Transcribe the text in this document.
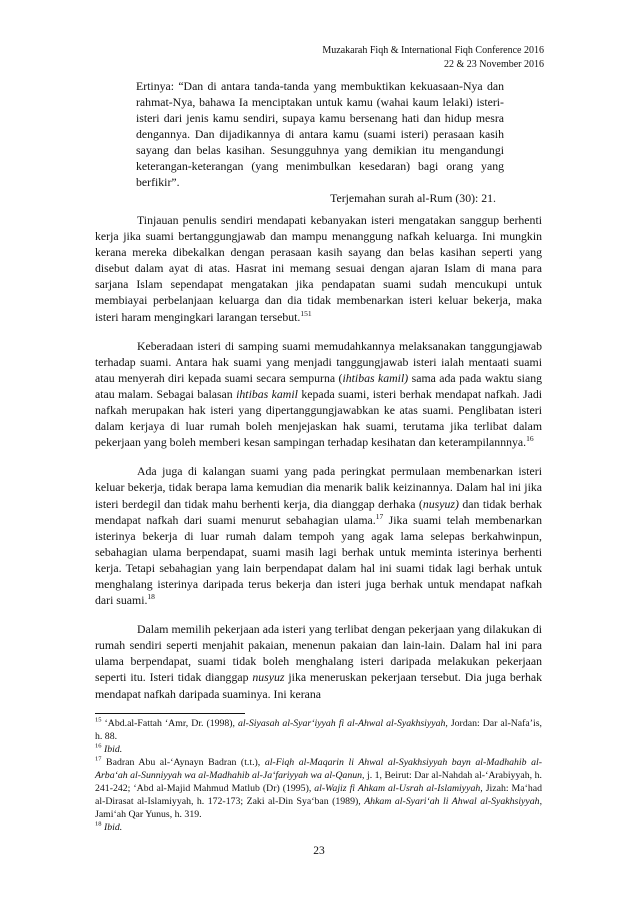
Muzakarah Fiqh & International Fiqh Conference 2016
22 & 23 November 2016
Ertinya: “Dan di antara tanda-tanda yang membuktikan kekuasaan-Nya dan rahmat-Nya, bahawa Ia menciptakan untuk kamu (wahai kaum lelaki) isteri-isteri dari jenis kamu sendiri, supaya kamu bersenang hati dan hidup mesra dengannya. Dan dijadikannya di antara kamu (suami isteri) perasaan kasih sayang dan belas kasihan. Sesungguhnya yang demikian itu mengandungi keterangan-keterangan (yang menimbulkan kesedaran) bagi orang yang berfikir”.
Terjemahan surah al-Rum (30): 21.

Tinjauan penulis sendiri mendapati kebanyakan isteri mengatakan sanggup berhenti kerja jika suami bertanggungjawab dan mampu menanggung nafkah keluarga. Ini mungkin kerana mereka dibekalkan dengan perasaan kasih sayang dan belas kasihan seperti yang disebut dalam ayat di atas. Hasrat ini memang sesuai dengan ajaran Islam di mana para sarjana Islam sependapat mengatakan jika pendapatan suami sudah mencukupi untuk membiayai perbelanjaan keluarga dan dia tidak membenarkan isteri keluar bekerja, maka isteri haram mengingkari larangan tersebut.$^{151}$

Keberadaan isteri di samping suami memudahkannya melaksanakan tanggungjawab terhadap suami. Antara hak suami yang menjadi tanggungjawab isteri ialah mentaati suami atau menyerah diri kepada suami secara sempurna (ihtibas kamil) sama ada pada waktu siang atau malam. Sebagai balasan ihtibas kamil kepada suami, isteri berhak mendapat nafkah. Jadi nafkah merupakan hak isteri yang dipertanggungjawabkan ke atas suami. Penglibatan isteri dalam kerjaya di luar rumah boleh menjejaskan hak suami, terutama jika terlibat dalam pekerjaan yang boleh memberi kesan sampingan terhadap kesihatan dan keterampilannnya.$^{16}$

Ada juga di kalangan suami yang pada peringkat permulaan membenarkan isteri keluar bekerja, tidak berapa lama kemudian dia menarik balik keizinannya. Dalam hal ini jika isteri berdegil dan tidak mahu berhenti kerja, dia dianggap derhaka (nusyuz) dan tidak berhak mendapat nafkah dari suami menurut sebahagian ulama.$^{17}$ Jika suami telah membenarkan isterinya bekerja di luar rumah dalam tempoh yang agak lama selepas berkahwinpun, sebahagian ulama berpendapat, suami masih lagi berhak untuk meminta isterinya berhenti kerja. Tetapi sebahagian yang lain berpendapat dalam hal ini suami tidak lagi berhak untuk menghalang isterinya daripada terus bekerja dan isteri juga berhak untuk mendapat nafkah dari suami.$^{18}$

Dalam memilih pekerjaan ada isteri yang terlibat dengan pekerjaan yang dilakukan di rumah sendiri seperti menjahit pakaian, menenun pakaian dan lain-lain. Dalam hal ini para ulama berpendapat, suami tidak boleh menghalang isteri daripada melakukan pekerjaan seperti itu. Isteri tidak dianggap nusyuz jika meneruskan pekerjaan tersebut. Dia juga berhak mendapat nafkah daripada suaminya. Ini kerana

$^{15}$ ‘Abd.al-Fattah ‘Amr, Dr. (1998), al-Siyasah al-Syar‘iyyah fi al-Ahwal al-Syakhsiyyah, Jordan: Dar al-Nafa’is, h. 88.
$^{16}$ Ibid.
$^{17}$ Badran Abu al-‘Aynayn Badran (t.t.), al-Fiqh al-Maqarin li Ahwal al-Syakhsiyyah bayn al-Madhahib al-Arba‘ah al-Sunniyyah wa al-Madhahib al-Ja‘fariyyah wa al-Qanun, j. 1, Beirut: Dar al-Nahdah al-‘Arabiyyah, h. 241-242; ‘Abd al-Majid Mahmud Matlub (Dr) (1995), al-Wajiz fi Ahkam al-Usrah al-Islamiyyah, Jizah: Ma‘had al-Dirasat al-Islamiyyah, h. 172-173; Zaki al-Din Sya‘ban (1989), Ahkam al-Syari‘ah li Ahwal al-Syakhsiyyah, Jami‘ah Qar Yunus, h. 319.
$^{18}$ Ibid.
23
